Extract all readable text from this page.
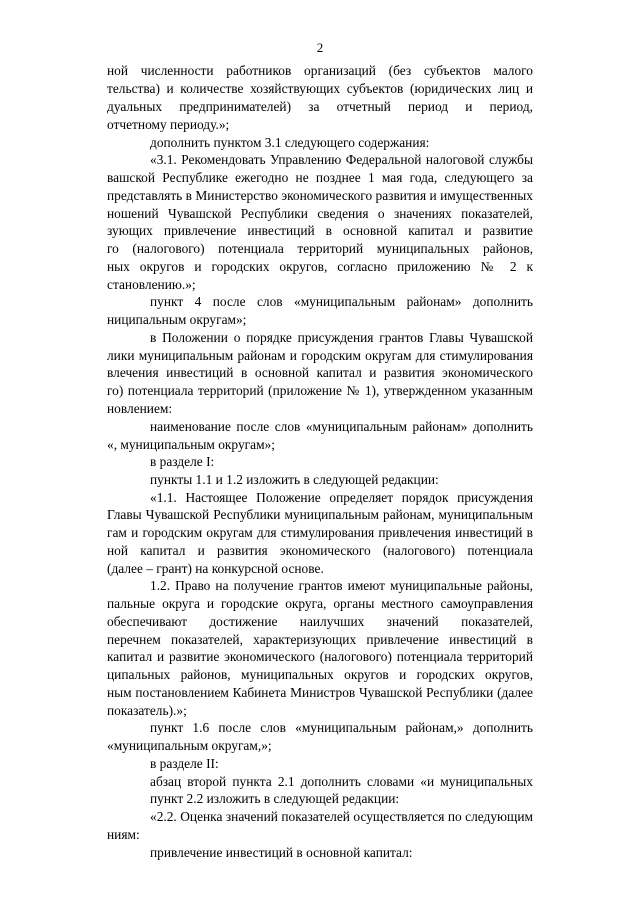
2
ной численности работников организаций (без субъектов малого
тельства) и количестве хозяйствующих субъектов (юридических лиц и
дуальных предпринимателей) за отчетный период и период,
отчетному периоду.»;
дополнить пунктом 3.1 следующего содержания:
«3.1. Рекомендовать Управлению Федеральной налоговой службы
вашской Республике ежегодно не позднее 1 мая года, следующего за
представлять в Министерство экономического развития и имущественных
ношений Чувашской Республики сведения о значениях показателей,
зующих привлечение инвестиций в основной капитал и развитие
го (налогового) потенциала территорий муниципальных районов,
ных округов и городских округов, согласно приложению № 2 к
становлению.»;
пункт 4 после слов «муниципальным районам» дополнить
ниципальным округам»;
в Положении о порядке присуждения грантов Главы Чувашской
лики муниципальным районам и городским округам для стимулирования
влечения инвестиций в основной капитал и развития экономического
го) потенциала территорий (приложение № 1), утвержденном указанным
новлением:
наименование после слов «муниципальным районам» дополнить
«, муниципальным округам»;
в разделе I:
пункты 1.1 и 1.2 изложить в следующей редакции:
«1.1. Настоящее Положение определяет порядок присуждения
Главы Чувашской Республики муниципальным районам, муниципальным
гам и городским округам для стимулирования привлечения инвестиций в
ной капитал и развития экономического (налогового) потенциала
(далее – грант) на конкурсной основе.
1.2. Право на получение грантов имеют муниципальные районы,
пальные округа и городские округа, органы местного самоуправления
обеспечивают достижение наилучших значений показателей,
перечнем показателей, характеризующих привлечение инвестиций в
капитал и развитие экономического (налогового) потенциала территорий
ципальных районов, муниципальных округов и городских округов,
ным постановлением Кабинета Министров Чувашской Республики (далее
показатель).»;
пункт 1.6 после слов «муниципальным районам,» дополнить
«муниципальным округам,»;
в разделе II:
абзац второй пункта 2.1 дополнить словами «и муниципальных
пункт 2.2 изложить в следующей редакции:
«2.2. Оценка значений показателей осуществляется по следующим
ниям:
привлечение инвестиций в основной капитал:
